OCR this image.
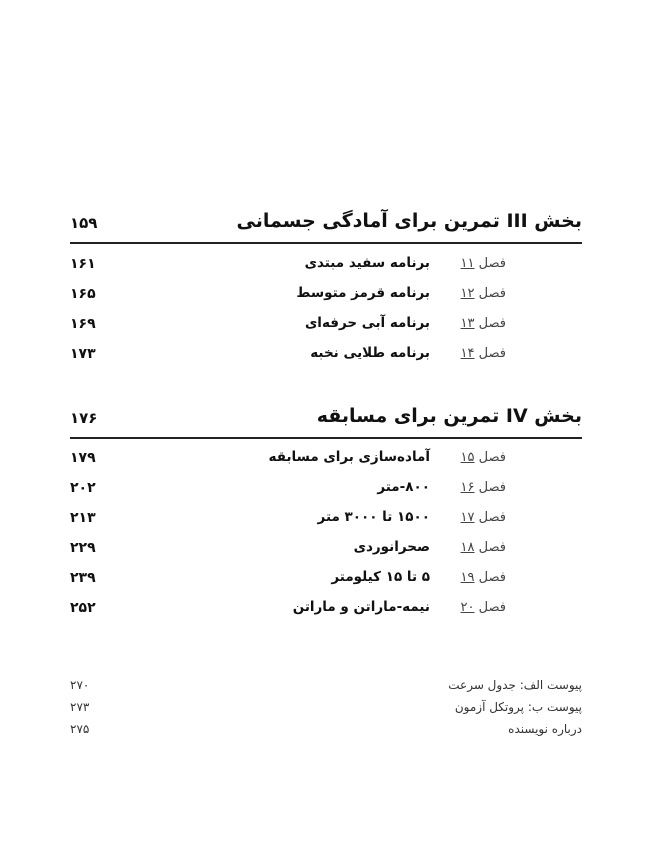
بخش III تمرین برای آمادگی جسمانی
۱۵۹
فصل ۱۱
برنامه سفید مبتدی
۱۶۱
فصل ۱۲
برنامه قرمز متوسط
۱۶۵
فصل ۱۳
برنامه آبی حرفه‌ای
۱۶۹
فصل ۱۴
برنامه طلایی نخبه
۱۷۳
بخش IV تمرین برای مسابقه
۱۷۶
فصل ۱۵
آماده‌سازی برای مسابقه
۱۷۹
فصل ۱۶
۸۰۰-متر
۲۰۲
فصل ۱۷
۱۵۰۰ تا ۳۰۰۰ متر
۲۱۳
فصل ۱۸
صحرانوردی
۲۲۹
فصل ۱۹
۵ تا ۱۵ کیلومتر
۲۳۹
فصل ۲۰
نیمه-ماراتن و ماراتن
۲۵۲
پیوست الف: جدول سرعت
۲۷۰
پیوست ب: پروتکل آزمون
۲۷۳
درباره نویسنده
۲۷۵
